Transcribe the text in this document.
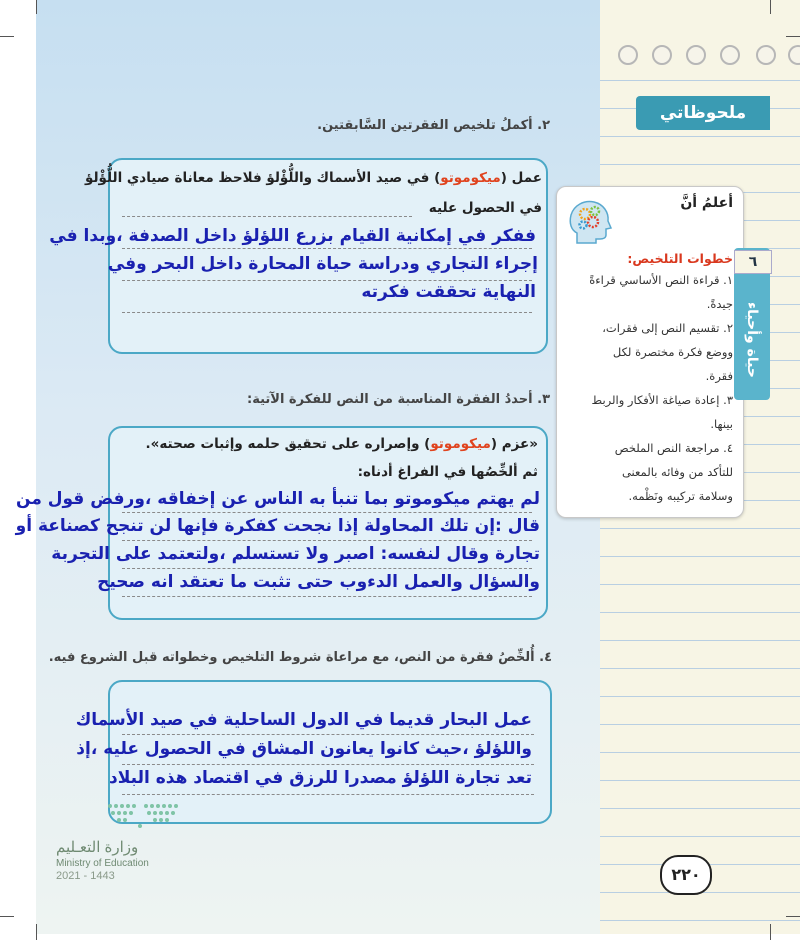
ملحوظاتي
٢. أكملُ تلخيص الفقرتين السَّابقتين.
عمل (ميكوموتو) في صيد الأسماك واللُّؤْلؤ فلاحظ معاناة صيادي اللُّؤْلؤ
في الحصول عليه
ففكر في إمكانية القيام بزرع اللؤلؤ داخل الصدفة ،وبدا في
إجراء التجاري ودراسة حياة المحارة داخل البحر وفي
النهاية تحققت فكرته
٣. أحددُ الفقرة المناسبة من النص للفكرة الآتية:
«عزم (ميكوموتو) وإصراره على تحقيق حلمه وإثبات صحته».
ثم ألخِّصُها في الفراغ أدناه:
لم يهتم ميكوموتو بما تنبأ به الناس عن إخفاقه ،ورفض قول من
قال :إن تلك المحاولة إذا نجحت كفكرة فإنها لن تنجح كصناعة أو
تجارة وقال لنفسه: اصبر ولا تستسلم ،ولتعتمد على التجربة
والسؤال والعمل الدءوب حتى تثبت ما تعتقد انه صحيح
٤. أُلخِّصُ فقرة من النص، مع مراعاة شروط التلخيص وخطواته قبل الشروع فيه.
عمل البحار قديما في الدول الساحلية في صيد الأسماك
واللؤلؤ ،حيث كانوا يعانون المشاق في الحصول عليه ،إذ
تعد تجارة اللؤلؤ مصدرا للرزق في اقتصاد هذه البلاد
أعلمُ أنَّ
خطوات التلخيص:
١. قراءة النص الأساسي قراءةً
جيدةً.
٢. تقسيم النص إلى فقرات،
ووضع فكرة مختصرة لكل
فقرة.
٣. إعادة صياغة الأفكار والربط
بينها.
٤. مراجعة النص الملخص
للتأكد من وفائه بالمعنى
وسلامة تركيبه ونَظْمه.
٦
حياة وأحياء
وزارة التعـليم
Ministry of Education
2021 - 1443	٢٢٠
